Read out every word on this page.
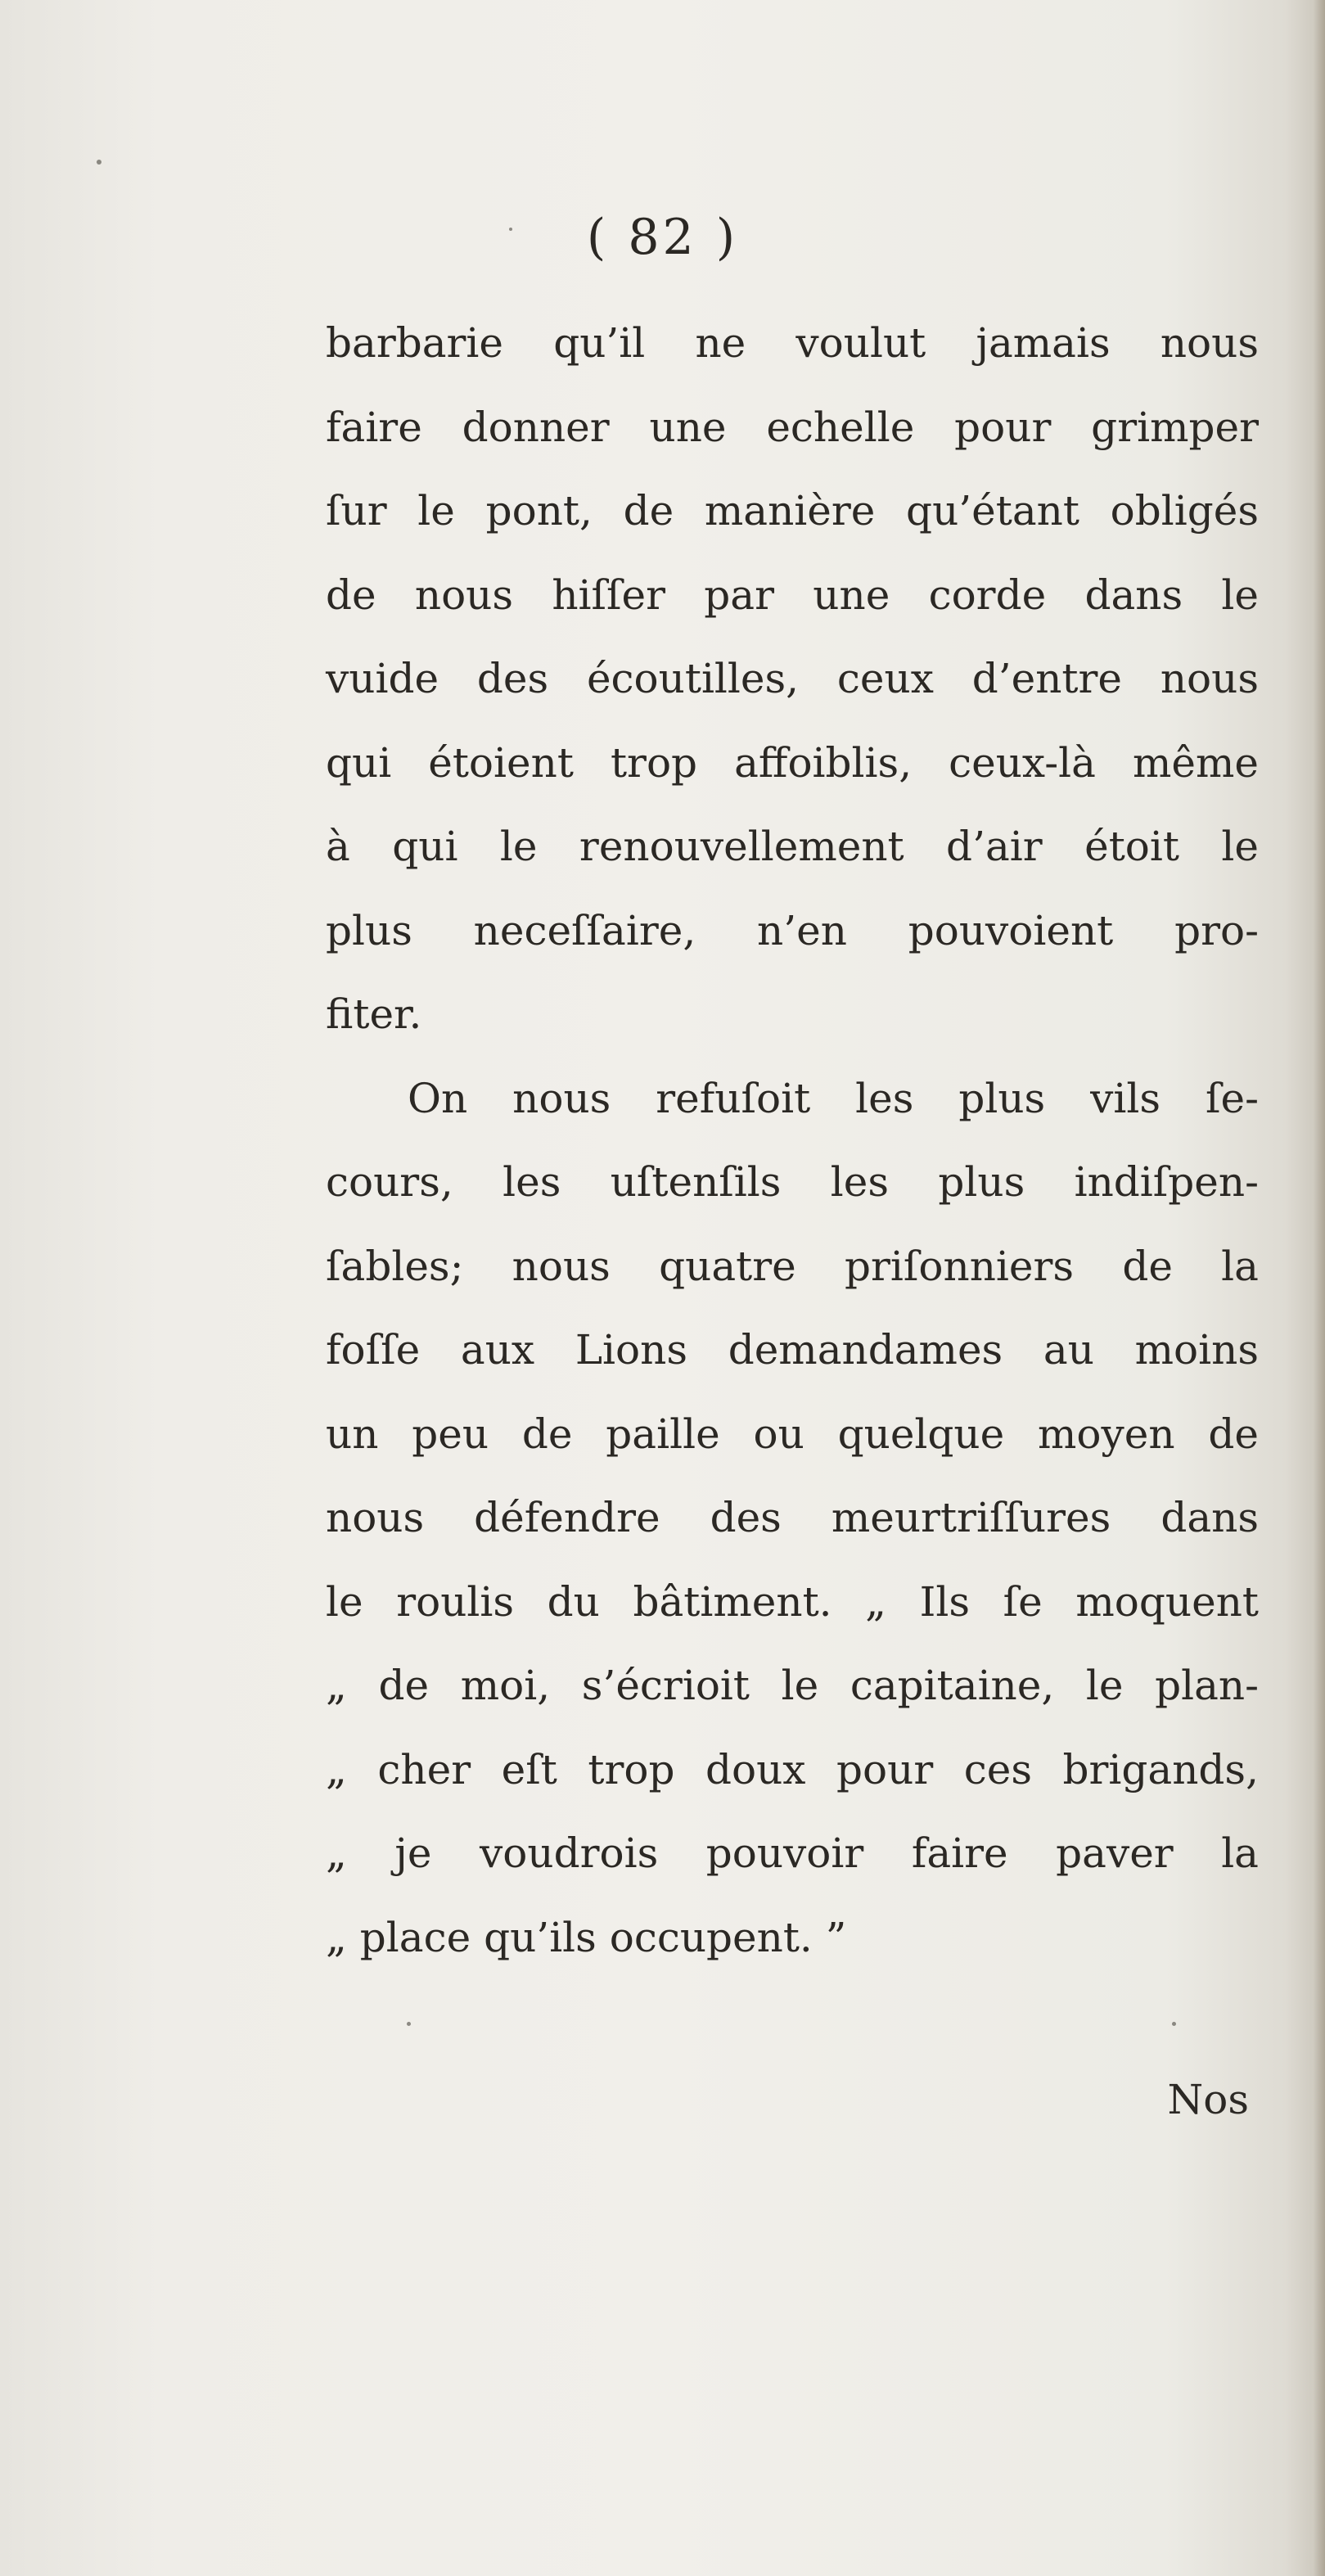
( 82 )

barbarie qu’il ne voulut jamais nous
faire donner une echelle pour grimper
ſur le pont, de manière qu’étant obligés
de nous hiſſer par une corde dans le
vuide des écoutilles, ceux d’entre nous
qui étoient trop affoiblis, ceux-là même
à qui le renouvellement d’air étoit le
plus neceſſaire, n’en pouvoient pro-
fiter.

On nous refuſoit les plus vils ſe-
cours, les uſtenſils les plus indiſpen-
ſables; nous quatre priſonniers de la
foſſe aux Lions demandames au moins
un peu de paille ou quelque moyen de
nous défendre des meurtriſſures dans
le roulis du bâtiment. „ Ils ſe moquent
„ de moi, s’écrioit le capitaine, le plan-
„ cher eſt trop doux pour ces brigands,
„ je voudrois pouvoir faire paver la
„ place qu’ils occupent. ”

Nos
